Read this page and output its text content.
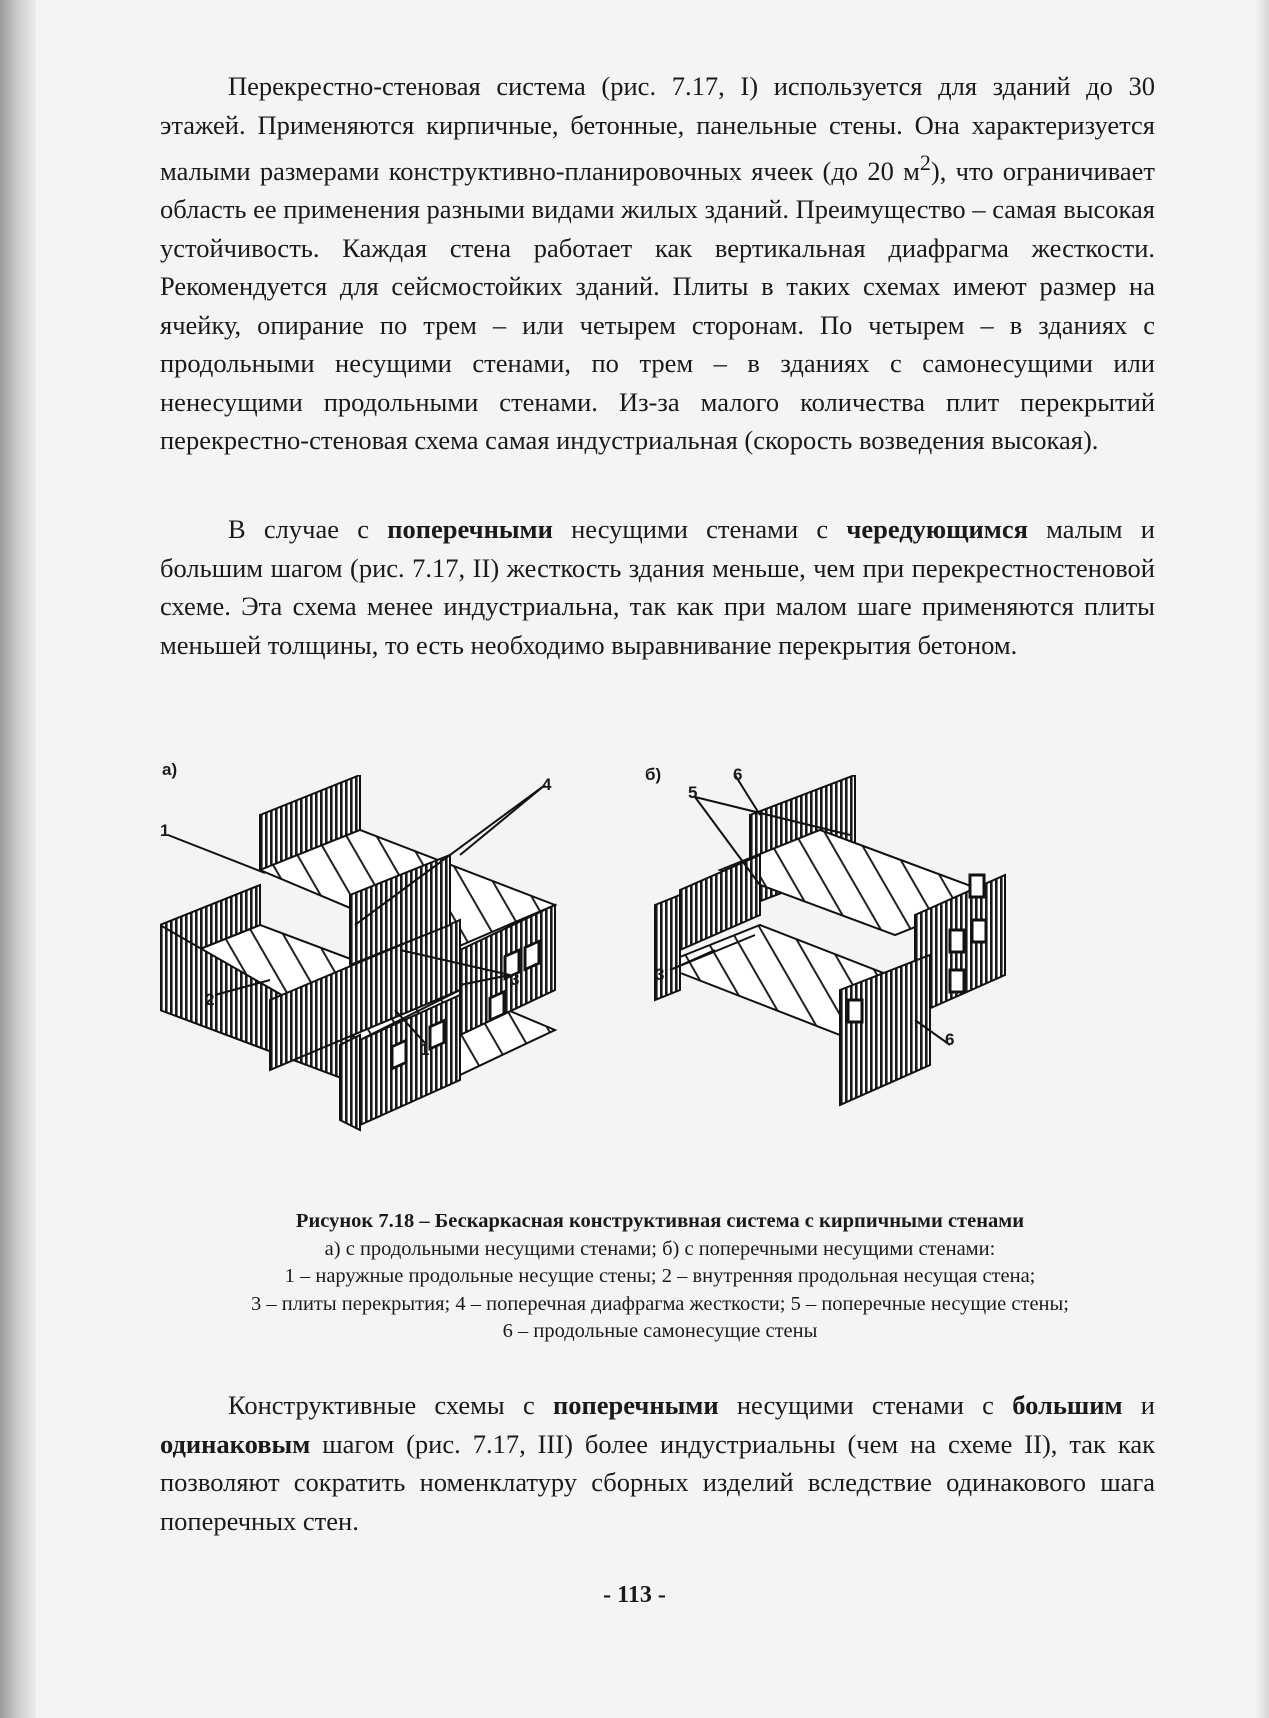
Перекрестно-стеновая система (рис. 7.17, I) используется для зданий до 30 этажей. Применяются кирпичные, бетонные, панельные стены. Она характеризуется малыми размерами конструктивно-планировочных ячеек (до 20 $м^2$), что ограничивает область ее применения разными видами жилых зданий. Преимущество – самая высокая устойчивость. Каждая стена работает как вертикальная диафрагма жесткости. Рекомендуется для сейсмостойких зданий. Плиты в таких схемах имеют размер на ячейку, опирание по трем – или четырем сторонам. По четырем – в зданиях с продольными несущими стенами, по трем – в зданиях с самонесущими или ненесущими продольными стенами. Из-за малого количества плит перекрытий перекрестно-стеновая схема самая индустриальная (скорость возведения высокая).

В случае с поперечными несущими стенами с чередующимся малым и большим шагом (рис. 7.17, II) жесткость здания меньше, чем при перекрестностеновой схеме. Эта схема менее индустриальна, так как при малом шаге применяются плиты меньшей толщины, то есть необходимо выравнивание перекрытия бетоном.

а)	б)
1
4
2
3
1
6
5
3
6
Рисунок 7.18 – Бескаркасная конструктивная система с кирпичными стенами
а) с продольными несущими стенами; б) с поперечными несущими стенами:
1 – наружные продольные несущие стены; 2 – внутренняя продольная несущая стена;
3 – плиты перекрытия; 4 – поперечная диафрагма жесткости; 5 – поперечные несущие стены;
6 – продольные самонесущие стены

Конструктивные схемы с поперечными несущими стенами с большим и одинаковым шагом (рис. 7.17, III) более индустриальны (чем на схеме II), так как позволяют сократить номенклатуру сборных изделий вследствие одинакового шага поперечных стен.

- 113 -
